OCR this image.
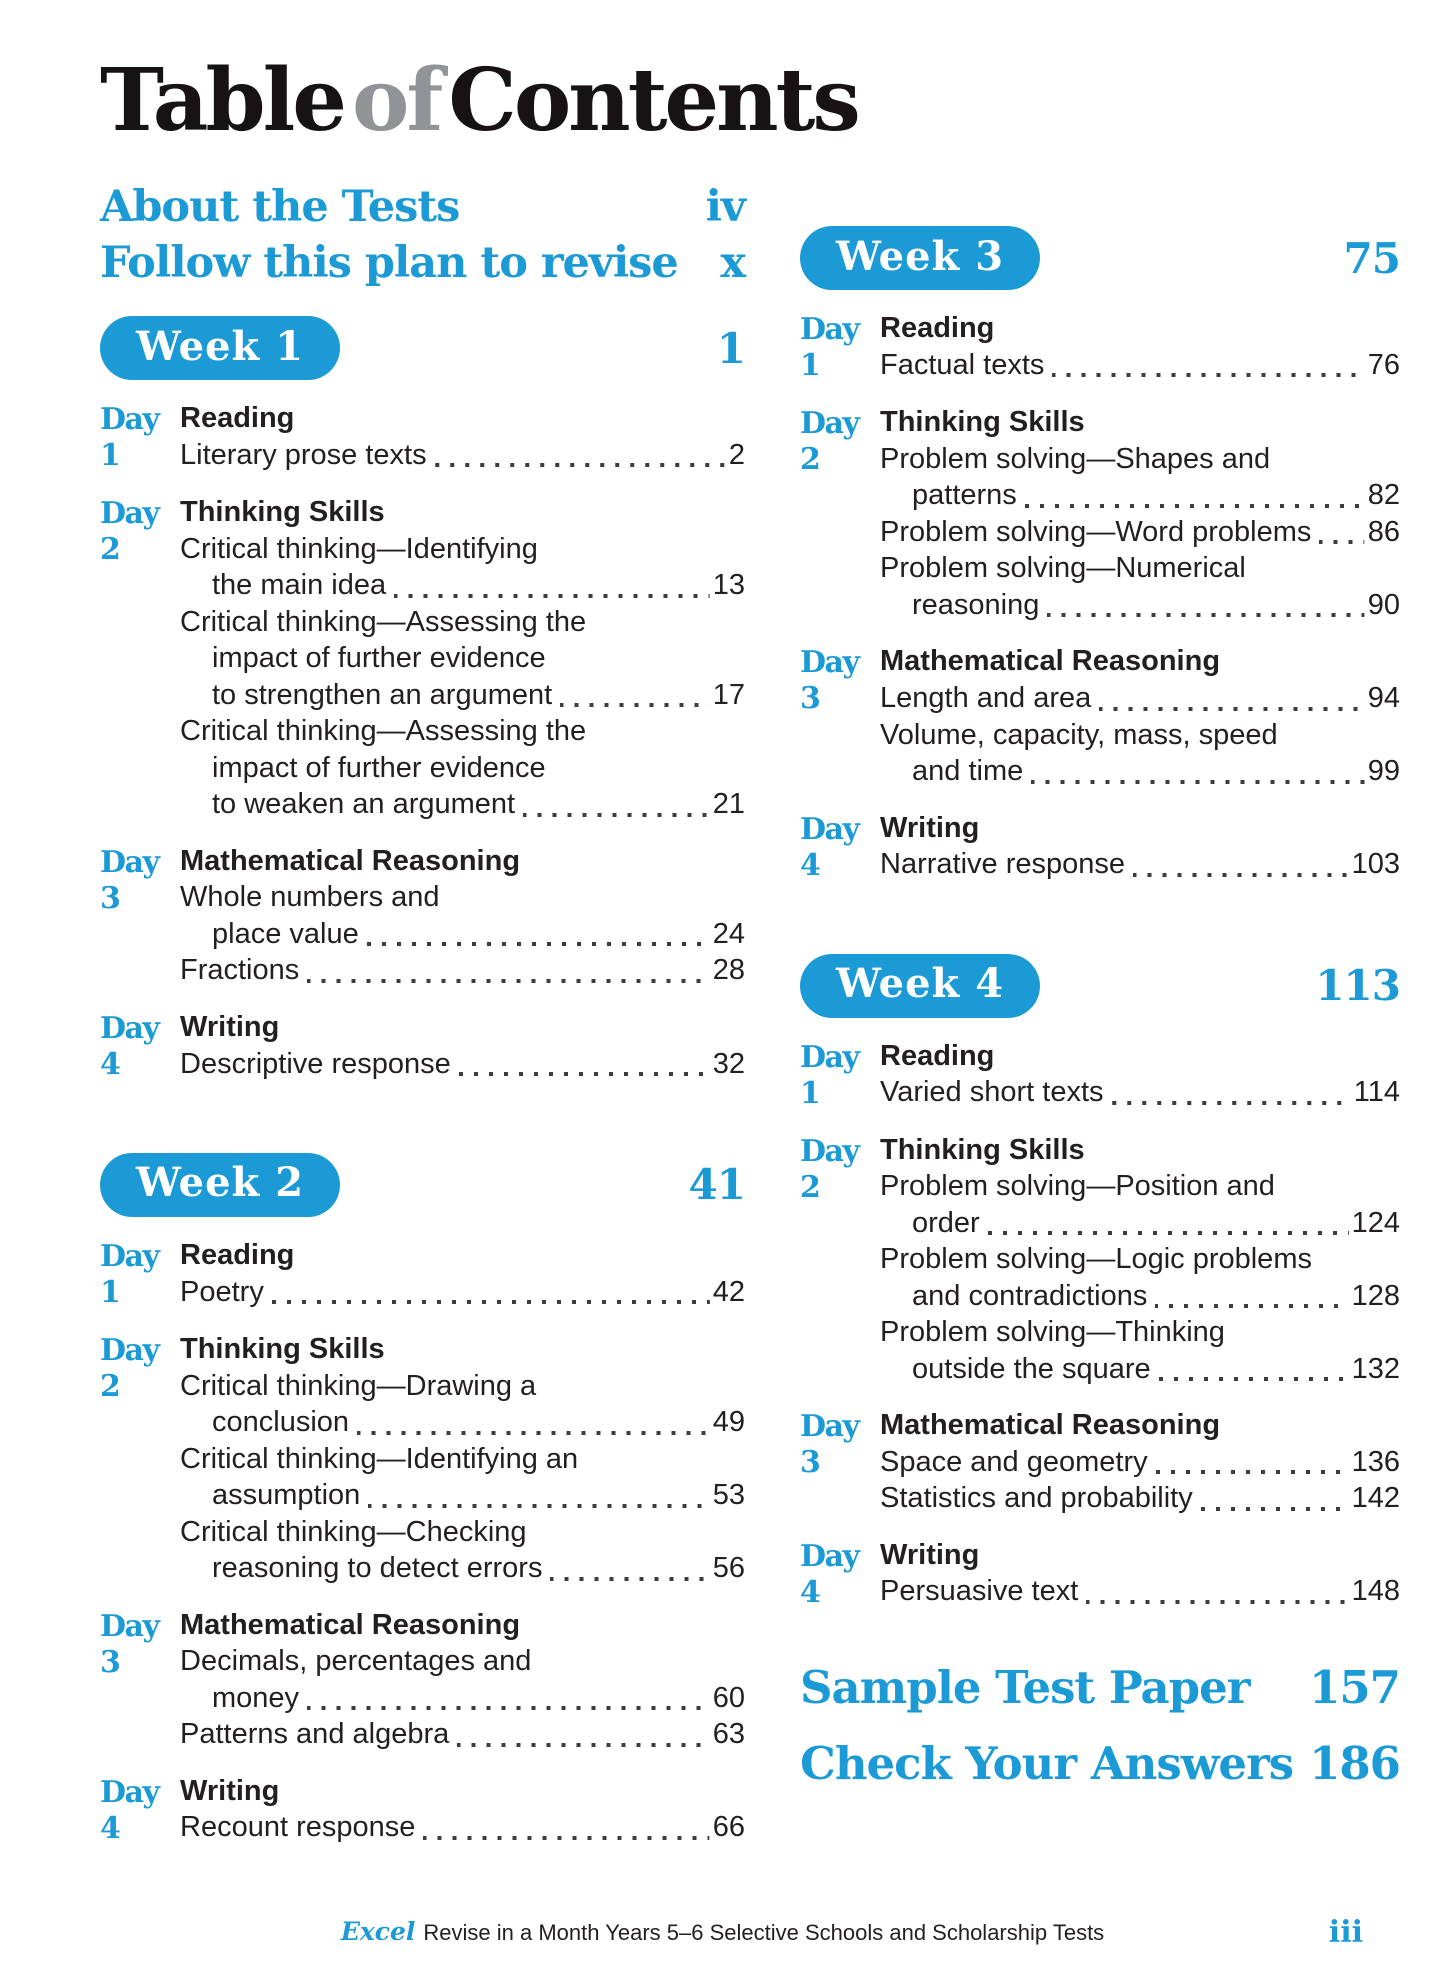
TableofContents
About the Tests	iv
Follow this plan to revise x
Week 1	1
Day 1
Reading
Literary prose texts	2
Day 2
Thinking Skills
Critical thinking—Identifying
the main idea	13
Critical thinking—Assessing the
impact of further evidence
to strengthen an argument	17
Critical thinking—Assessing the
impact of further evidence
to weaken an argument	21
Day 3
Mathematical Reasoning
Whole numbers and
place value	24
Fractions	28
Day 4
Writing
Descriptive response	32
Week 2	41
Day 1
Reading
Poetry	42
Day 2
Thinking Skills
Critical thinking—Drawing a
conclusion	49
Critical thinking—Identifying an
assumption	53
Critical thinking—Checking
reasoning to detect errors	56
Day 3
Mathematical Reasoning
Decimals, percentages and
money	60
Patterns and algebra	63
Day 4
Writing
Recount response	66
Week 3	75
Day 1
Reading
Factual texts	76
Day 2
Thinking Skills
Problem solving—Shapes and
patterns	82
Problem solving—Word problems 86
Problem solving—Numerical
reasoning	90
Day 3
Mathematical Reasoning
Length and area	94
Volume, capacity, mass, speed
and time	99
Day 4
Writing
Narrative response	103
Week 4	113
Day 1
Reading
Varied short texts	114
Day 2
Thinking Skills
Problem solving—Position and
order	124
Problem solving—Logic problems
and contradictions	128
Problem solving—Thinking
outside the square	132
Day 3
Mathematical Reasoning
Space and geometry	136
Statistics and probability	142
Day 4
Writing
Persuasive text	148
Sample Test Paper 157
Check Your Answers 186
Excel Revise in a Month Years 5–6 Selective Schools and Scholarship Tests	iii
